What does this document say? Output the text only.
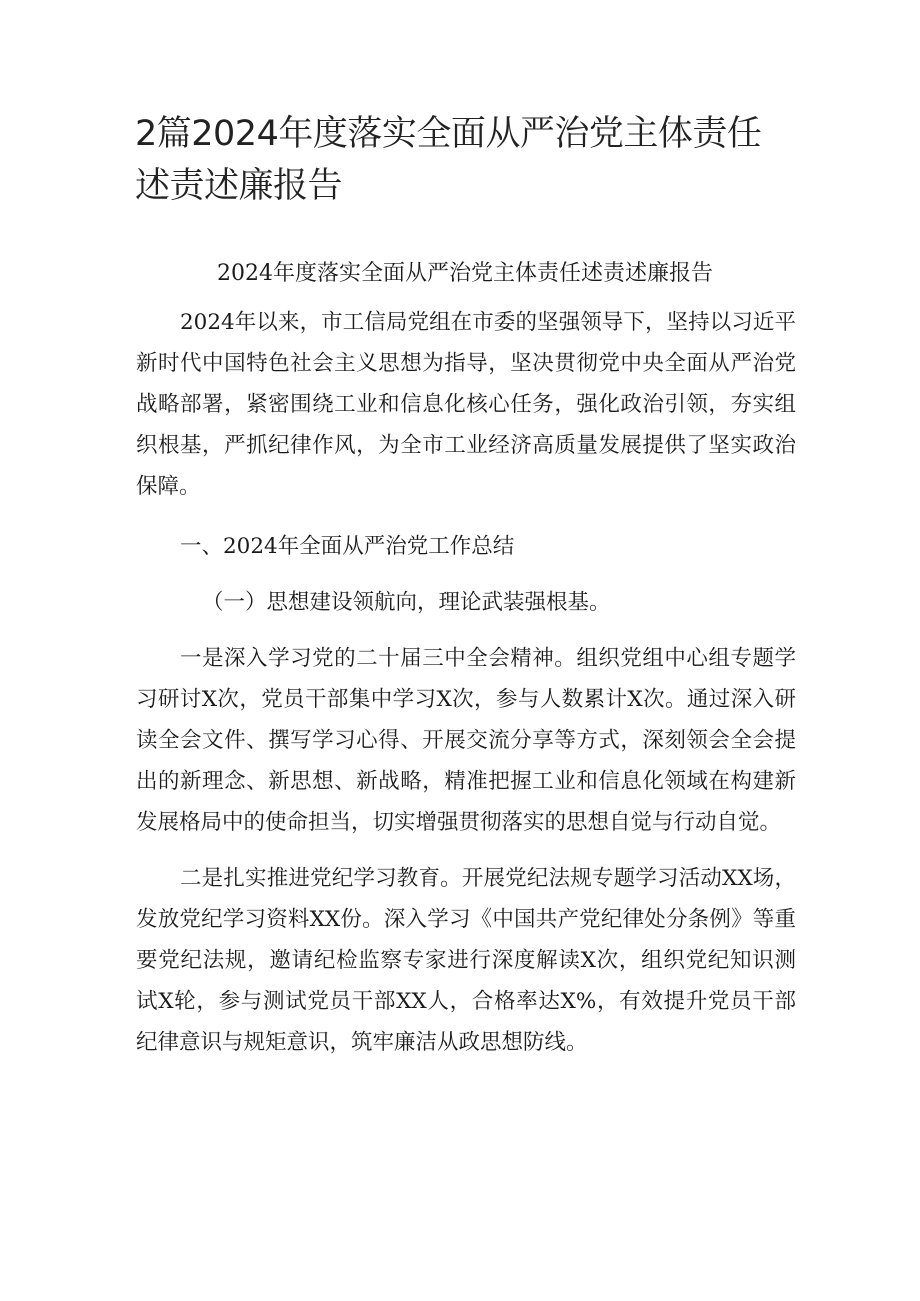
2篇2024年度落实全面从严治党主体责任述责述廉报告
2024年度落实全面从严治党主体责任述责述廉报告

2024年以来，市工信局党组在市委的坚强领导下，坚持以习近平新时代中国特色社会主义思想为指导，坚决贯彻党中央全面从严治党战略部署，紧密围绕工业和信息化核心任务，强化政治引领，夯实组织根基，严抓纪律作风，为全市工业经济高质量发展提供了坚实政治保障。

一、2024年全面从严治党工作总结

（一）思想建设领航向，理论武装强根基。

一是深入学习党的二十届三中全会精神。组织党组中心组专题学习研讨X次，党员干部集中学习X次，参与人数累计X次。通过深入研读全会文件、撰写学习心得、开展交流分享等方式，深刻领会全会提出的新理念、新思想、新战略，精准把握工业和信息化领域在构建新发展格局中的使命担当，切实增强贯彻落实的思想自觉与行动自觉。

二是扎实推进党纪学习教育。开展党纪法规专题学习活动XX场，发放党纪学习资料XX份。深入学习《中国共产党纪律处分条例》等重要党纪法规，邀请纪检监察专家进行深度解读X次，组织党纪知识测试X轮，参与测试党员干部XX人，合格率达X%，有效提升党员干部纪律意识与规矩意识，筑牢廉洁从政思想防线。
